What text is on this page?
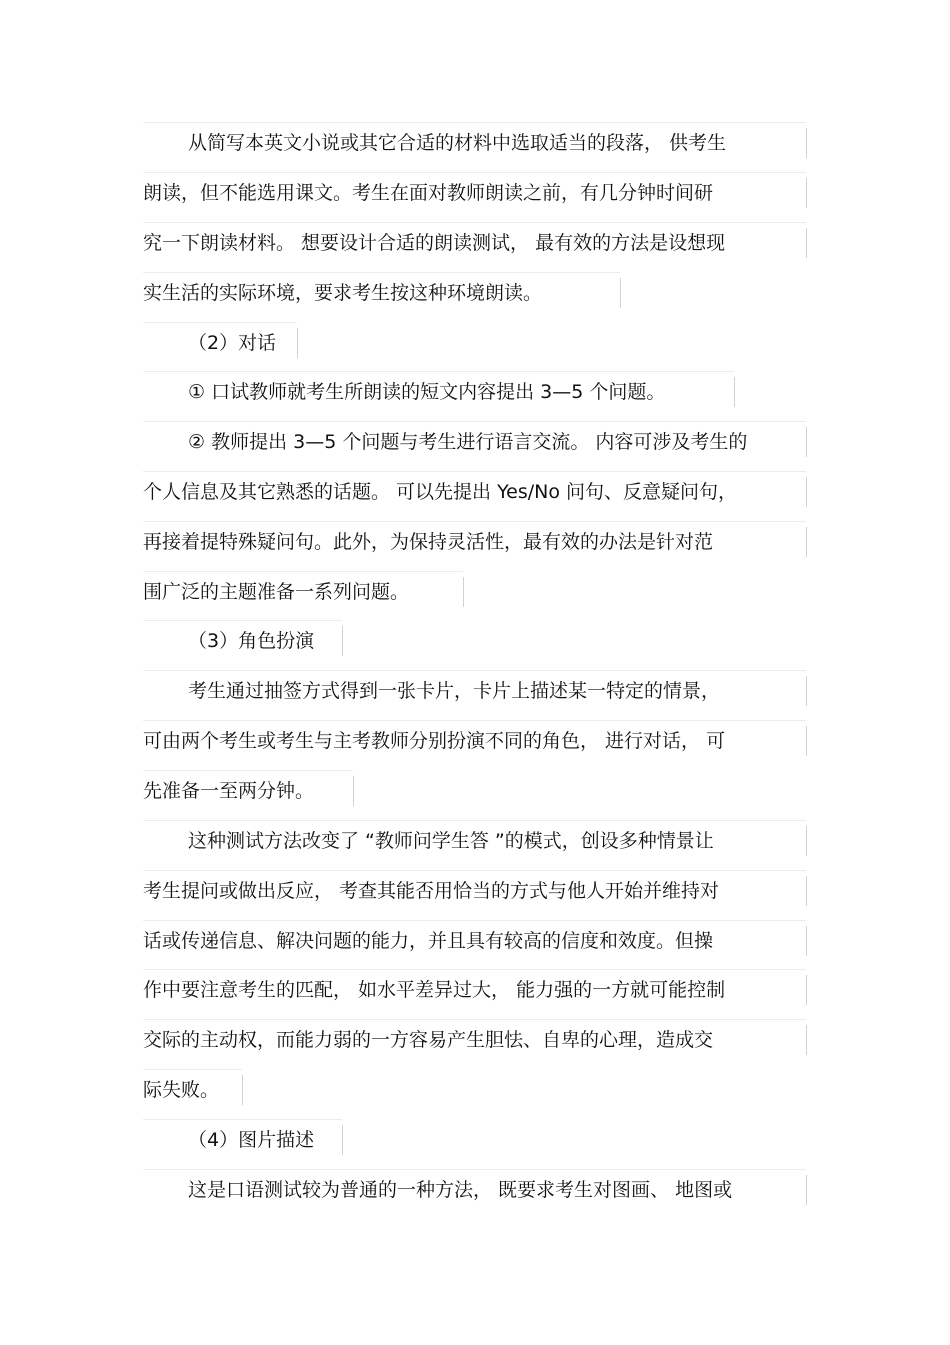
从简写本英文小说或其它合适的材料中选取适当的段落， 供考生
朗读，但不能选用课文。考生在面对教师朗读之前，有几分钟时间研
究一下朗读材料。 想要设计合适的朗读测试， 最有效的方法是设想现
实生活的实际环境，要求考生按这种环境朗读。
（2）对话
① 口试教师就考生所朗读的短文内容提出 3—5 个问题。
② 教师提出 3—5 个问题与考生进行语言交流。 内容可涉及考生的
个人信息及其它熟悉的话题。 可以先提出 Yes/No 问句、反意疑问句，
再接着提特殊疑问句。此外，为保持灵活性，最有效的办法是针对范
围广泛的主题准备一系列问题。
（3）角色扮演
考生通过抽签方式得到一张卡片，卡片上描述某一特定的情景，
可由两个考生或考生与主考教师分别扮演不同的角色， 进行对话， 可
先准备一至两分钟。
这种测试方法改变了 “教师问学生答 ”的模式，创设多种情景让
考生提问或做出反应， 考查其能否用恰当的方式与他人开始并维持对
话或传递信息、解决问题的能力，并且具有较高的信度和效度。但操
作中要注意考生的匹配， 如水平差异过大， 能力强的一方就可能控制
交际的主动权，而能力弱的一方容易产生胆怯、自卑的心理，造成交
际失败。
（4）图片描述
这是口语测试较为普通的一种方法， 既要求考生对图画、 地图或
